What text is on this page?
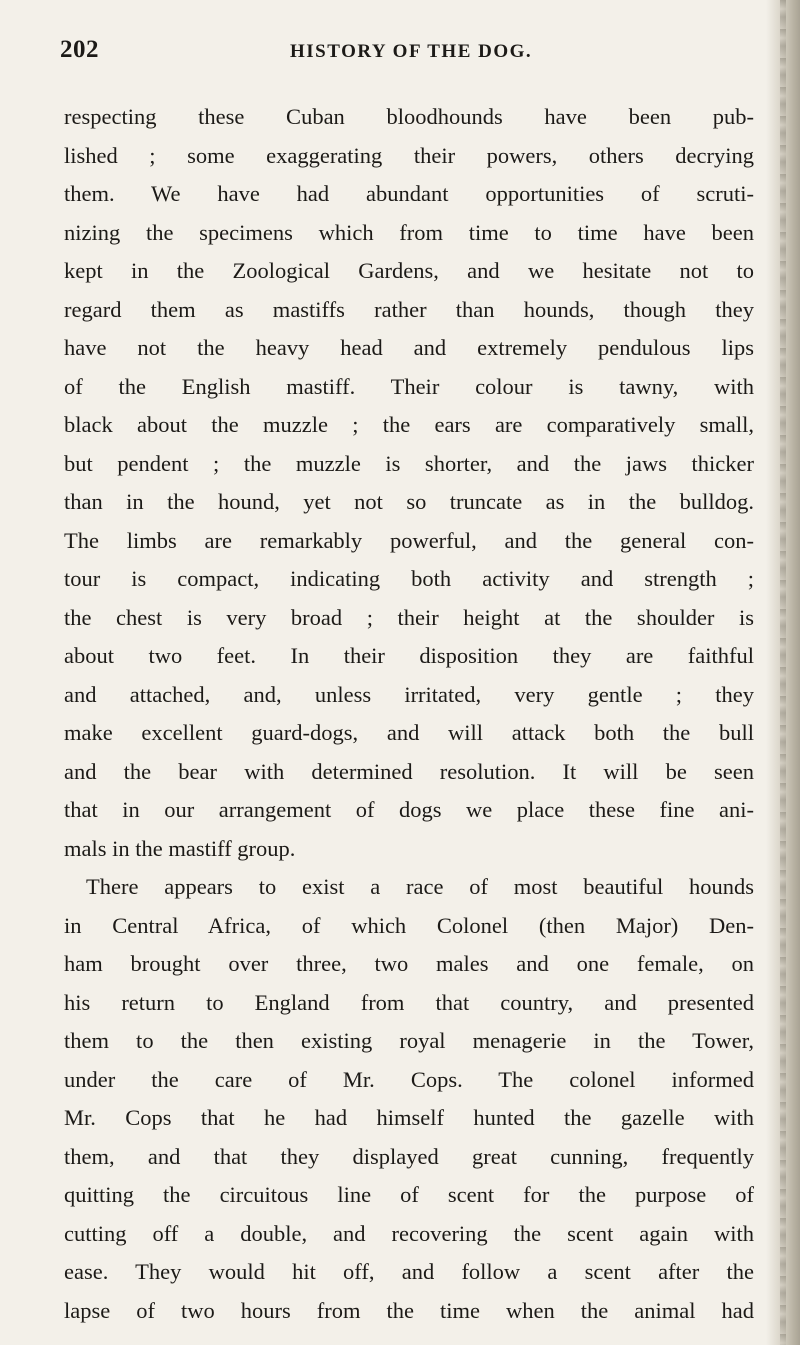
202	HISTORY OF THE DOG.
respecting these Cuban bloodhounds have been pub-
lished ; some exaggerating their powers, others decrying
them. We have had abundant opportunities of scruti-
nizing the specimens which from time to time have been
kept in the Zoological Gardens, and we hesitate not to
regard them as mastiffs rather than hounds, though they
have not the heavy head and extremely pendulous lips
of the English mastiff. Their colour is tawny, with
black about the muzzle ; the ears are comparatively small,
but pendent ; the muzzle is shorter, and the jaws thicker
than in the hound, yet not so truncate as in the bulldog.
The limbs are remarkably powerful, and the general con-
tour is compact, indicating both activity and strength ;
the chest is very broad ; their height at the shoulder is
about two feet. In their disposition they are faithful
and attached, and, unless irritated, very gentle ; they
make excellent guard-dogs, and will attack both the bull
and the bear with determined resolution. It will be seen
that in our arrangement of dogs we place these fine ani-
mals in the mastiff group.
There appears to exist a race of most beautiful hounds
in Central Africa, of which Colonel (then Major) Den-
ham brought over three, two males and one female, on
his return to England from that country, and presented
them to the then existing royal menagerie in the Tower,
under the care of Mr. Cops. The colonel informed
Mr. Cops that he had himself hunted the gazelle with
them, and that they displayed great cunning, frequently
quitting the circuitous line of scent for the purpose of
cutting off a double, and recovering the scent again with
ease. They would hit off, and follow a scent after the
lapse of two hours from the time when the animal had
